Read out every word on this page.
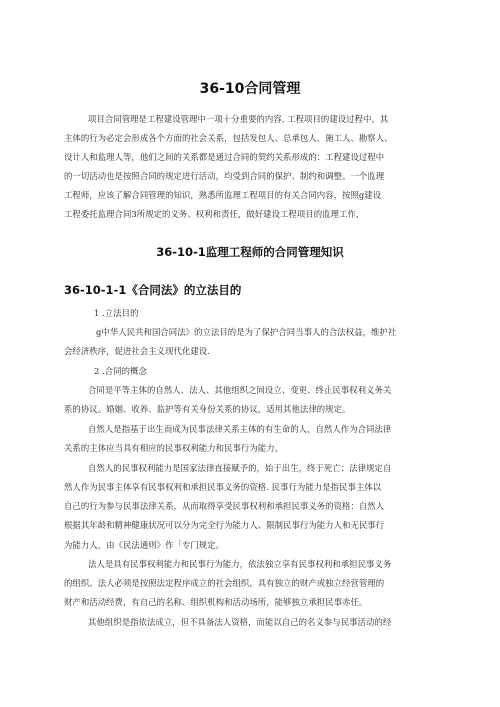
36-10合同管理
项目合同管理是工程建设管理中一项十分重要的内容. 工程项目的建设过程中，其
主体的行为必定会形成各个方面的社会关系，包括发包人、总承包人、施工人、勘察人、
设计人和监理人等，他们之间的关系都是通过合同的契约关系形成的：工程建设过程中
的一切活动也是按照合同的规定进行活动，均受到合同的保护、制约和调整。一个监理
工程师，应该了解合同管理的知识，熟悉所监理工程项目的有关合同内容，按照g建设
工程委托监理合同3所规定的义务、权利和责任，做好建设工程项目的监理工作，
36-10-1监理工程师的合同管理知识
36-10-1-1《合同法》的立法目的
1 .立法目的
g中华人民共和国合同法》的立法目的是为了保护合同当事人的合法权益，维护社
会经济秩序，促进社会主义现代化建设.
2 .合同的概念
合同是平等主体的自然人、法人、其他组织之间设立、变更、终止民事权利义务关
系的协议。婚姻、收养、监护等有关身份关系的协议，适用其他法律的规定。
自然人是指基于出生而成为民事法律关系主体的有生命的人，自然人作为合同法律
关系的主体应当具有相应的民事权利能力和民事行为能力。
自然人的民事权利能力是国家法律直接赋予的，始于出生，终于死亡；法律规定自
然人作为民事主体享有民事权利和承担民事义务的资格. 民事行为能力是指民事主体以
自己的行为参与民事法律关系，从而取得享受民事权利和承担民事义务的资格：自然人
根据其年龄和精神健康状况可以分为完全行为能力人、限制民事行为能力人和无民事行
为能力人，由《民法通则》作「专门规定。
法人是具有民事权利能力和民事行为能力，依法独立享有民事权利和承担民事义务
的组织。法人必须是按照法定程序成立的社会组织，具有独立的财产或独立经营管理的
财产和活动经费，有自己的名称、组织机构和活动场所，能够独立承担民事赤任。
其他组织是指依法成立，但不具备法人资格，而能以自己的名义参与民事活动的经
